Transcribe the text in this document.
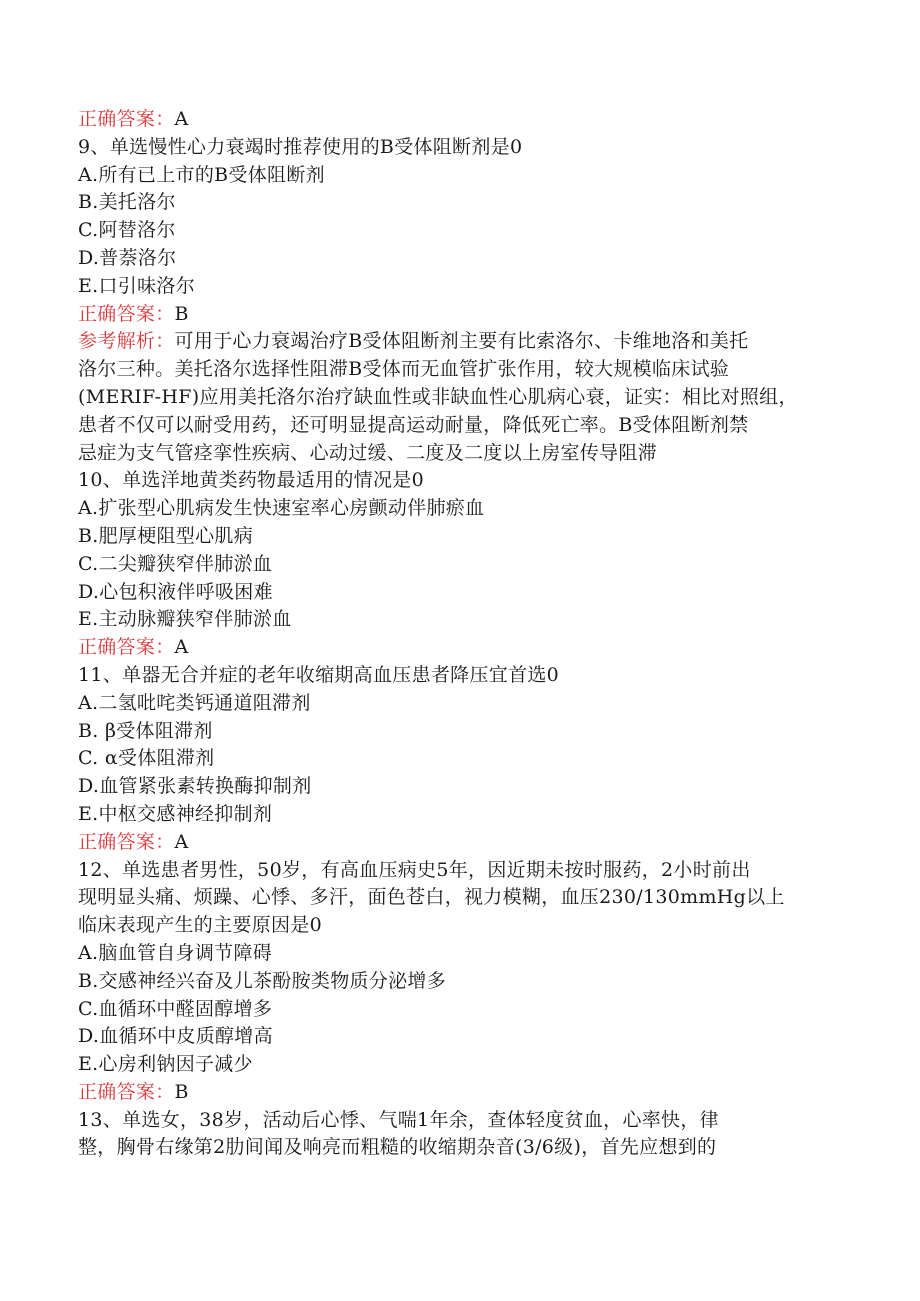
正确答案：A
9、单选慢性心力衰竭时推荐使用的B受体阻断剂是0
A.所有已上市的B受体阻断剂
B.美托洛尔
C.阿替洛尔
D.普萘洛尔
E.口引味洛尔
正确答案：B
参考解析：可用于心力衰竭治疗B受体阻断剂主要有比索洛尔、卡维地洛和美托
洛尔三种。美托洛尔选择性阻滞B受体而无血管扩张作用，较大规模临床试验
(MERIF-HF)应用美托洛尔治疗缺血性或非缺血性心肌病心衰，证实：相比对照组，
患者不仅可以耐受用药，还可明显提高运动耐量，降低死亡率。B受体阻断剂禁
忌症为支气管痉挛性疾病、心动过缓、二度及二度以上房室传导阻滞
10、单选洋地黄类药物最适用的情况是0
A.扩张型心肌病发生快速室率心房颤动伴肺瘀血
B.肥厚梗阻型心肌病
C.二尖瓣狭窄伴肺淤血
D.心包积液伴呼吸困难
E.主动脉瓣狭窄伴肺淤血
正确答案：A
11、单器无合并症的老年收缩期高血压患者降压宜首选0
A.二氢吡咤类钙通道阻滞剂
B. β受体阻滞剂
C. α受体阻滞剂
D.血管紧张素转换酶抑制剂
E.中枢交感神经抑制剂
正确答案：A
12、单选患者男性，50岁，有高血压病史5年，因近期未按时服药，2小时前出
现明显头痛、烦躁、心悸、多汗，面色苍白，视力模糊，血压230/130mmHg以上
临床表现产生的主要原因是0
A.脑血管自身调节障碍
B.交感神经兴奋及儿茶酚胺类物质分泌增多
C.血循环中醛固醇增多
D.血循环中皮质醇增高
E.心房利钠因子减少
正确答案：B
13、单选女，38岁，活动后心悸、气喘1年余，查体轻度贫血，心率快，律
整，胸骨右缘第2肋间闻及响亮而粗糙的收缩期杂音(3/6级)，首先应想到的
